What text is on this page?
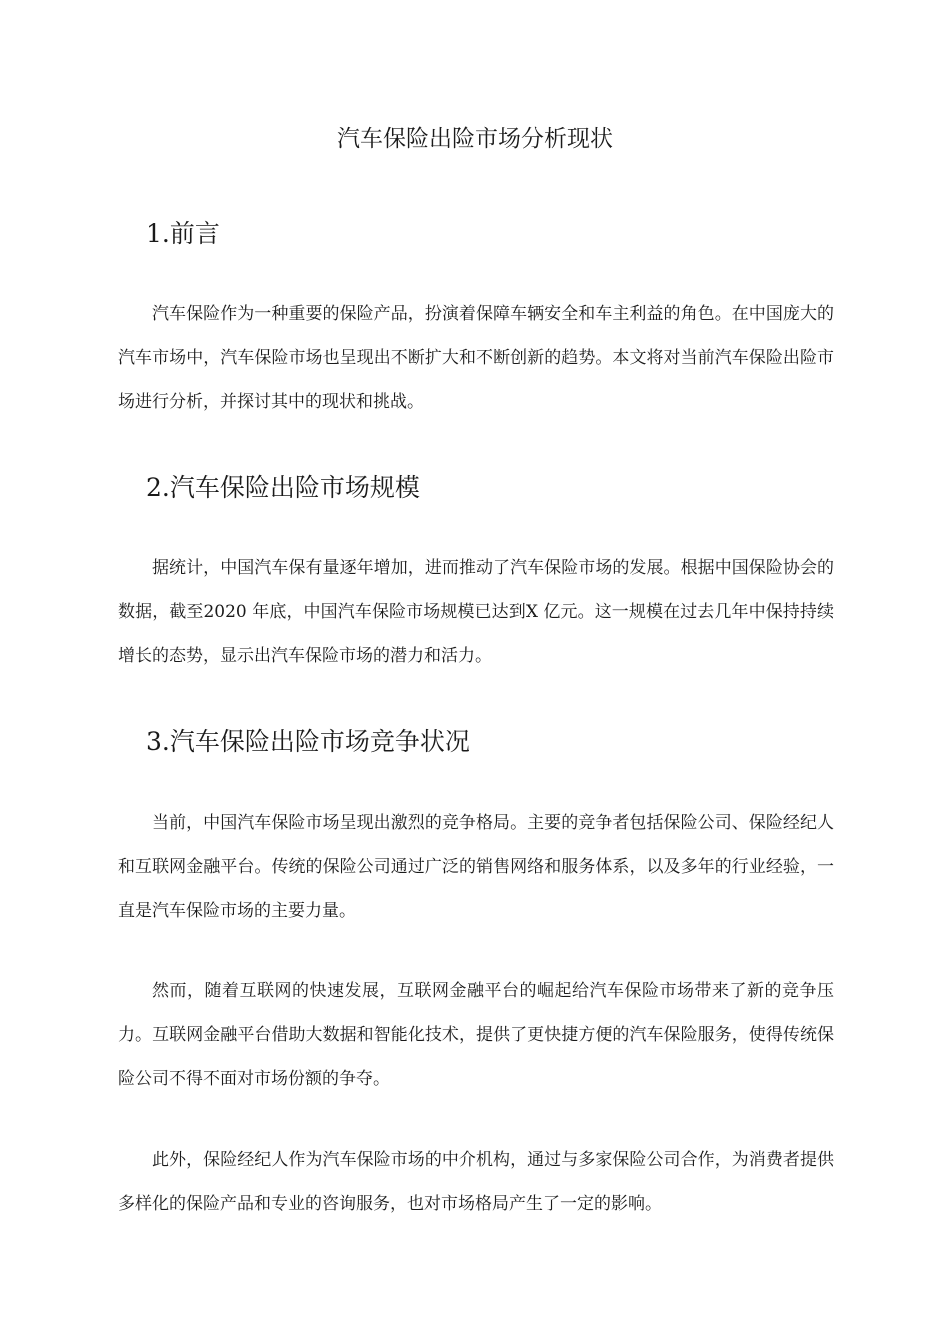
汽车保险出险市场分析现状
1.前言

汽车保险作为一种重要的保险产品，扮演着保障车辆安全和车主利益的角色。在中国庞大的汽车市场中，汽车保险市场也呈现出不断扩大和不断创新的趋势。本文将对当前汽车保险出险市场进行分析，并探讨其中的现状和挑战。

2.汽车保险出险市场规模

据统计，中国汽车保有量逐年增加，进而推动了汽车保险市场的发展。根据中国保险协会的数据，截至2020 年底，中国汽车保险市场规模已达到X 亿元。这一规模在过去几年中保持持续增长的态势，显示出汽车保险市场的潜力和活力。

3.汽车保险出险市场竞争状况

当前，中国汽车保险市场呈现出激烈的竞争格局。主要的竞争者包括保险公司、保险经纪人和互联网金融平台。传统的保险公司通过广泛的销售网络和服务体系，以及多年的行业经验，一直是汽车保险市场的主要力量。

然而，随着互联网的快速发展，互联网金融平台的崛起给汽车保险市场带来了新的竞争压力。互联网金融平台借助大数据和智能化技术，提供了更快捷方便的汽车保险服务，使得传统保险公司不得不面对市场份额的争夺。

此外，保险经纪人作为汽车保险市场的中介机构，通过与多家保险公司合作，为消费者提供多样化的保险产品和专业的咨询服务，也对市场格局产生了一定的影响。
